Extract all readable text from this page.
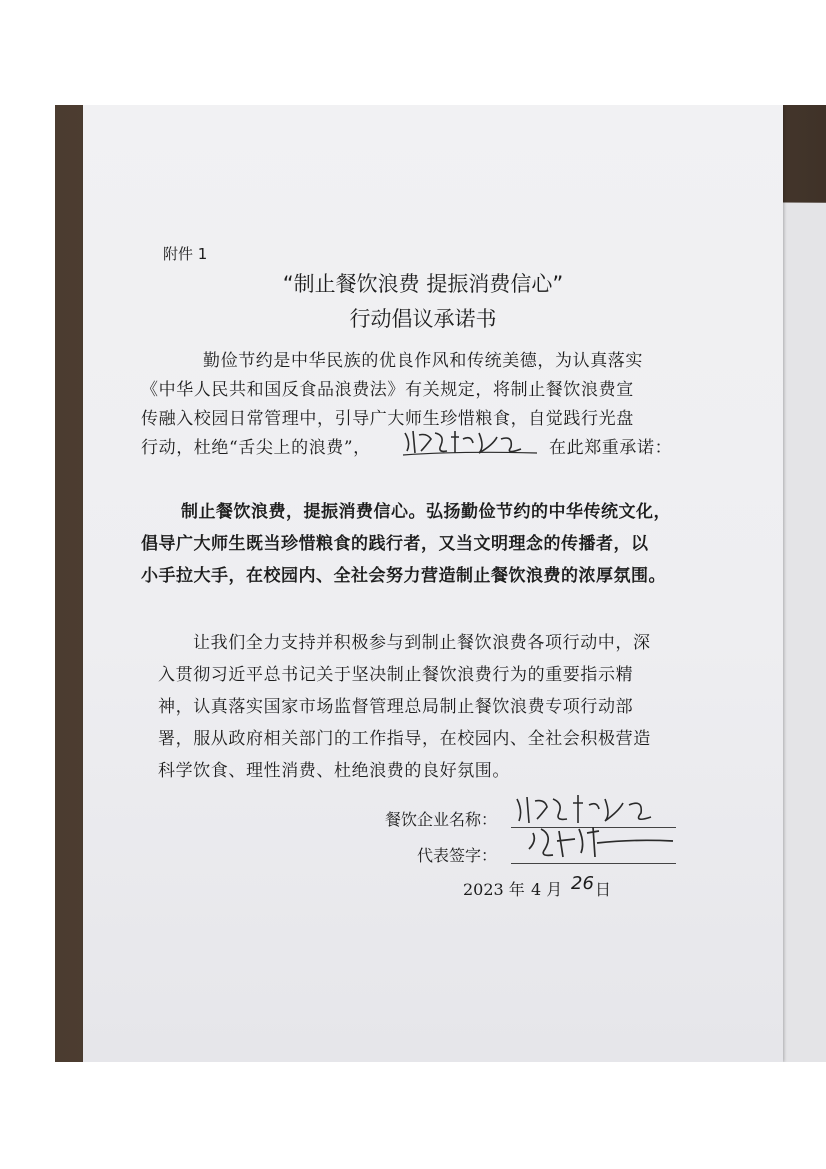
附件 1
“制止餐饮浪费 提振消费信心”
行动倡议承诺书
勤俭节约是中华民族的优良作风和传统美德，为认真落实
《中华人民共和国反食品浪费法》有关规定，将制止餐饮浪费宣
传融入校园日常管理中，引导广大师生珍惜粮食，自觉践行光盘
行动，杜绝“舌尖上的浪费”，	在此郑重承诺：
制止餐饮浪费，提振消费信心。弘扬勤俭节约的中华传统文化，
倡导广大师生既当珍惜粮食的践行者，又当文明理念的传播者，以
小手拉大手，在校园内、全社会努力营造制止餐饮浪费的浓厚氛围。
让我们全力支持并积极参与到制止餐饮浪费各项行动中，深
入贯彻习近平总书记关于坚决制止餐饮浪费行为的重要指示精
神，认真落实国家市场监督管理总局制止餐饮浪费专项行动部
署，服从政府相关部门的工作指导，在校园内、全社会积极营造
科学饮食、理性消费、杜绝浪费的良好氛围。
餐饮企业名称：
代表签字：
2023 年 4 月 26 日
